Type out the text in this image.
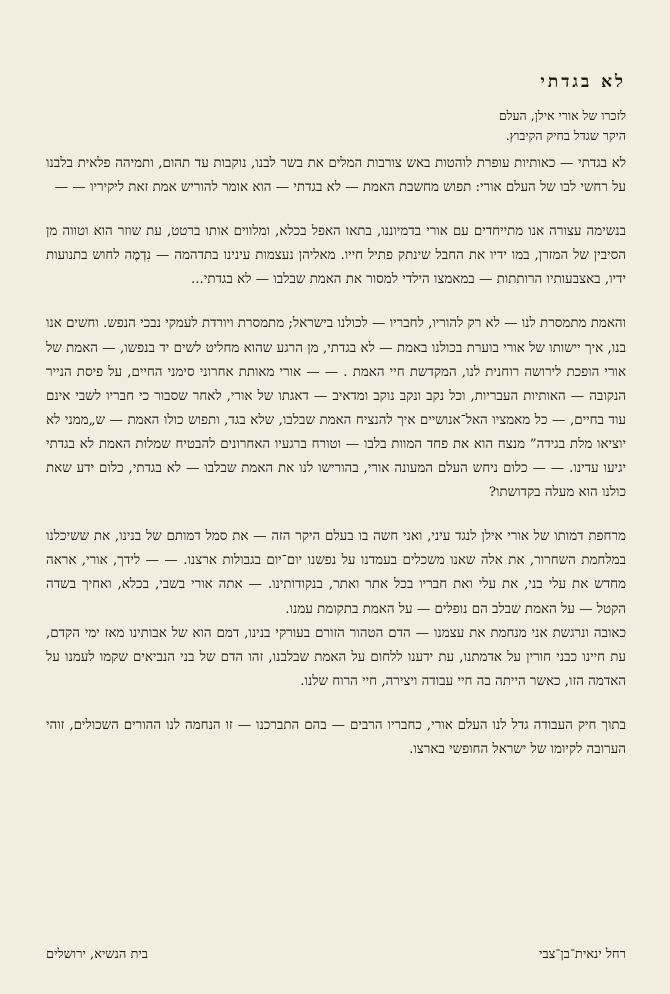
לא בגדתי
לזכרו של אורי אילן, העלם
היקר שגדל בחיק הקיבוץ.

לא בגדתי — כאותיות עופרת לוהטות באש צורבות המלים את בשר לבנו, נוקבות עד תהום, ותמיהה פלאית בלבנו על רחשי לבו של העלם אורי: תפוש מחשבת האמת — לא בגדתי — הוא אומר להוריש אמת זאת ליקיריו — —

בנשימה עצורה אנו מתייחדים עם אורי בדמיוננו, בתאו האפל בכלא, ומלווים אותו ברטט, עת שוזר הוא וטווה מן הסיבין של המזרן, במו ידיו את החבל שינתק פתיל חייו. מאליהן נעצמות עינינו בתדהמה — נִדְמֶה לחוש בתנועות ידיו, באצבעותיו הרותתות — במאמצו הילדי למסור את האמת שבלבו — לא בגדתי...

והאמת מתמסרת לנו — לא רק להוריו, לחבריו — לכולנו בישראל; מתמסרת ויורדת לעמקי נבכי הנפש. וחשים אנו בנו, איך יישותו של אורי בוערת בכולנו באמת — לא בגדתי, מן הרגע שהוא מחליט לשים יד בנפשו, — האמת של אורי הופכת לירושה רוחנית לנו, המקדשת חיי האמת . — — אורי מאותת אחרוני סימני החיים, על פיסת הנייר הנקובה — האותיות העבריות, וכל נקב ונקב נוקב ומדאיב — דאגתו של אורי, לאחר שסבור כי חבריו לשבי אינם עוד בחיים, — כל מאמציו האל־אנושיים איך להנציח האמת שבלבו, שלא בגד, ותפוש כולו האמת — ש„ממני לא יוציאו מלת בגידה” מנצח הוא את פחד המוות בלבו — וטורח ברגעיו האחרונים להבטיח שמלות האמת לא בגדתי יגיעו עדינו. — — כלום ניחש העלם המעונה אורי, בהורישו לנו את האמת שבלבו — לא בגדתי, כלום ידע שאת כולנו הוא מעלה בקדושתו?

מרחפת דמותו של אורי אילן לנגד עיני, ואני חשה בו בעלם היקר הזה — את סמל דמותם של בנינו, את ששיכלנו במלחמת השחרור, את אלה שאנו משכלים בעמדנו על נפשנו יום־יום בגבולות ארצנו. — — לידך, אורי, אראה מחדש את עלי בני, את עלי ואת חבריו בכל אתר ואתר, בנקודותינו. — אתה אורי בשבי, בכלא, ואחיך בשדה הקטל — על האמת שבלב הם נופלים — על האמת בתקומת עמנו.

כאובה ונרגשת אני מנחמת את עצמנו — הדם הטהור הזורם בעורקי בנינו, דמם הוא של אבותינו מאז ימי הקדם, עת חיינו כבני חורין על אדמתנו, עת ידענו ללחום על האמת שבלבנו, זהו הדם של בני הנביאים שקמו לעמנו על האדמה הזו, כאשר הייתה בה חיי עבודה ויצירה, חיי הרוח שלנו.

בתוך חיק העבודה גדל לנו העלם אורי, כחבריו הרבים — בהם התברכנו — זו הנחמה לנו ההורים השכולים, זוהי הערובה לקיומו של ישראל החופשי בארצו.

רחל ינאית־בן־צבי
בית הנשיא, ירושלים
